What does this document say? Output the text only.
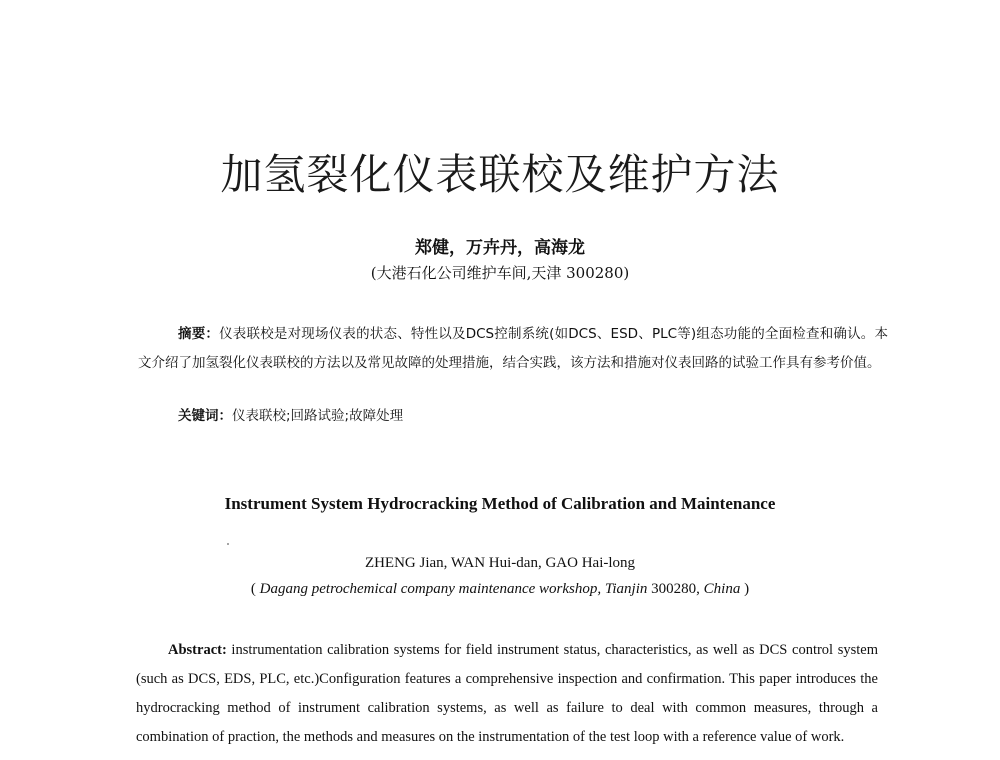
加氢裂化仪表联校及维护方法
郑健，万卉丹，高海龙
(大港石化公司维护车间,天津 300280)

摘要：仪表联校是对现场仪表的状态、特性以及DCS控制系统(如DCS、ESD、PLC等)组态功能的全面检查和确认。本文介绍了加氢裂化仪表联校的方法以及常见故障的处理措施，结合实践，该方法和措施对仪表回路的试验工作具有参考价值。

关键词：仪表联校;回路试验;故障处理
Instrument System Hydrocracking Method of Calibration and Maintenance
ZHENG Jian, WAN Hui-dan, GAO Hai-long
( Dagang petrochemical company maintenance workshop, Tianjin 300280, China )

Abstract: instrumentation calibration systems for field instrument status, characteristics, as well as DCS control system (such as DCS, EDS, PLC, etc.)Configuration features a comprehensive inspection and confirmation. This paper introduces the hydrocracking method of instrument calibration systems, as well as failure to deal with common measures, through a combination of praction, the methods and measures on the instrumentation of the test loop with a reference value of work.
